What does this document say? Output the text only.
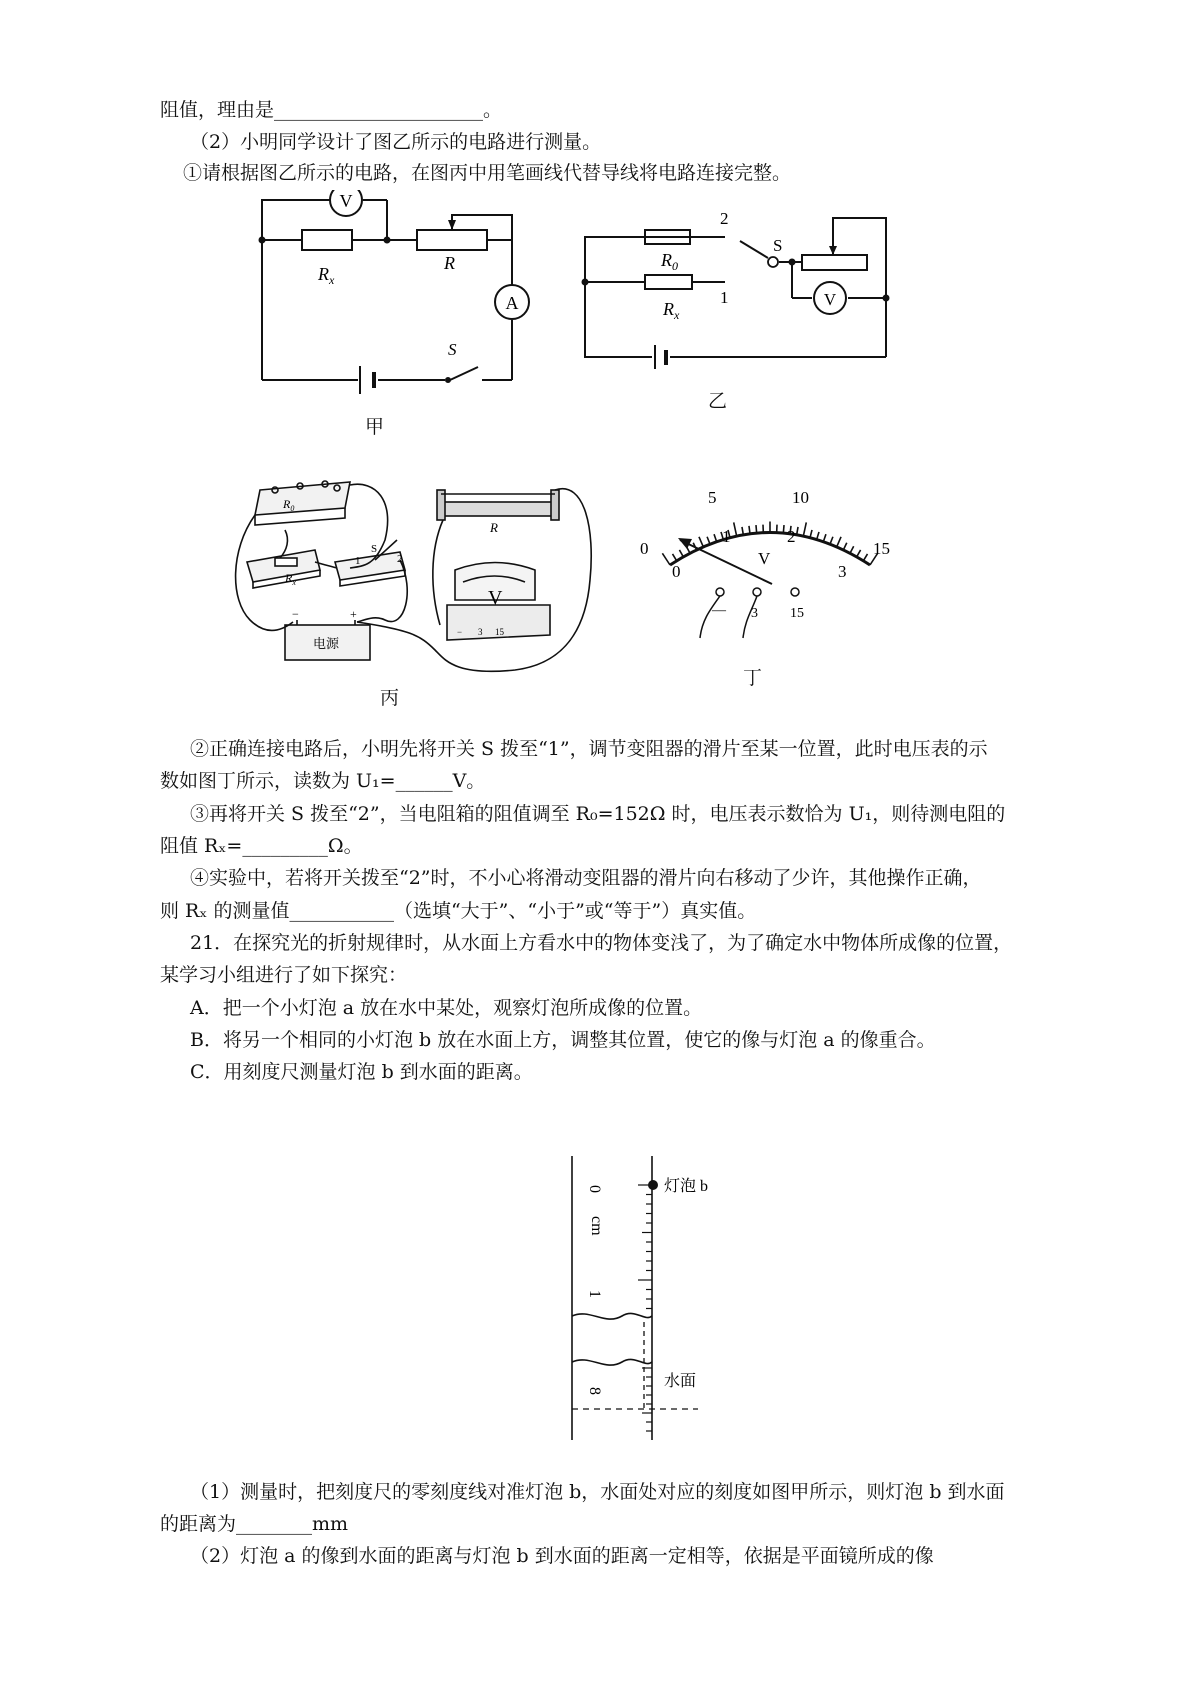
阻值，理由是______________________。
（2）小明同学设计了图乙所示的电路进行测量。
①请根据图乙所示的电路，在图丙中用笔画线代替导线将电路连接完整。
V
A
$R_x$
R
S
甲
V
2
1
S
$R_0$
$R_x$
乙
$R_0$
$R_x$
R
S
1	2
V
电源
−	+
− 3 15
丙
0
5	10
15
0
1	2
3
V
— 3 15
丁
②正确连接电路后，小明先将开关 S 拨至“1”，调节变阻器的滑片至某一位置，此时电压表的示
数如图丁所示，读数为 U₁=______V。
③再将开关 S 拨至“2”，当电阻箱的阻值调至 R₀=152Ω 时，电压表示数恰为 U₁，则待测电阻的
阻值 Rₓ=_________Ω。
④实验中，若将开关拨至“2”时，不小心将滑动变阻器的滑片向右移动了少许，其他操作正确，
则 Rₓ 的测量值___________（选填“大于”、“小于”或“等于”）真实值。
21．在探究光的折射规律时，从水面上方看水中的物体变浅了，为了确定水中物体所成像的位置，
某学习小组进行了如下探究：
A．把一个小灯泡 a 放在水中某处，观察灯泡所成像的位置。
B．将另一个相同的小灯泡 b 放在水面上方，调整其位置，使它的像与灯泡 a 的像重合。
C．用刻度尺测量灯泡 b 到水面的距离。
灯泡 b
水面
0
cm
1
8
（1）测量时，把刻度尺的零刻度线对准灯泡 b，水面处对应的刻度如图甲所示，则灯泡 b 到水面
的距离为________mm
（2）灯泡 a 的像到水面的距离与灯泡 b 到水面的距离一定相等，依据是平面镜所成的像
